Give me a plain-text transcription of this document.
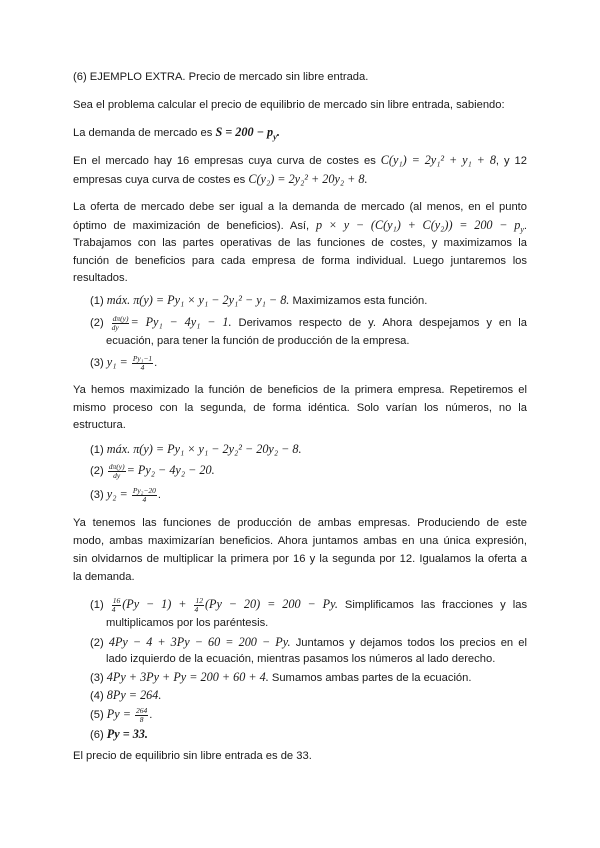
(6) EJEMPLO EXTRA. Precio de mercado sin libre entrada.
Sea el problema calcular el precio de equilibrio de mercado sin libre entrada, sabiendo:
La demanda de mercado es $S = 200 - p_y$.
En el mercado hay 16 empresas cuya curva de costes es C(y₁) = 2y₁² + y₁ + 8, y 12
empresas cuya curva de costes es C(y₂) = 2y₂² + 20y₂ + 8.
La oferta de mercado debe ser igual a la demanda de mercado (al menos, en el punto
óptimo de maximización de beneficios). Así, $p \times y - (C(y_1) + C(y_2)) = 200 - p_y$.
Trabajamos con las partes operativas de las funciones de costes, y maximizamos la
función de beneficios para cada empresa de forma individual. Luego juntaremos los
resultados.
(1) máx. π(y) = Py₁ × y₁ − 2y₁² − y₁ − 8. Maximizamos esta función.
$(2) \frac{d\pi(y)}{dy} = Py_1 - 4y_1 - 1$. Derivamos respecto de y. Ahora despejamos y en la
ecuación, para tener la función de producción de la empresa.
(3) $y_1 = \frac{\text{Py₁−1}}{4}$ .
Ya hemos maximizado la función de beneficios de la primera empresa. Repetiremos el
mismo proceso con la segunda, de forma idéntica. Solo varían los números, no la
estructura.
(1) máx. π(y) = Py₁ × y₁ − 2y₂² − 20y₂ − 8.
$(2) \frac{d\pi(y)}{dy} = Py_2 - 4y_2 - 20$.
(3) $y_2 = \frac{\text{Py₂−20}}{4}$ .
Ya tenemos las funciones de producción de ambas empresas. Produciendo de este
modo, ambas maximizarían beneficios. Ahora juntamos ambas en una única expresión,
sin olvidarnos de multiplicar la primera por 16 y la segunda por 12. Igualamos la oferta a
la demanda.
$(1) \frac{16}{4} (Py - 1) + \frac{12}{4} (Py - 20) = 200 - Py$. Simplificamos las fracciones y las
multiplicamos por los paréntesis.
(2) 4Py − 4 + 3Py − 60 = 200 − Py. Juntamos y dejamos todos los precios en el
lado izquierdo de la ecuación, mientras pasamos los números al lado derecho.
(3) 4Py + 3Py + Py = 200 + 60 + 4. Sumamos ambas partes de la ecuación.
(4) 8Py = 264.
(5) $Py = \frac{264}{8}$ .
(6) Py = 33.
El precio de equilibrio sin libre entrada es de 33.
